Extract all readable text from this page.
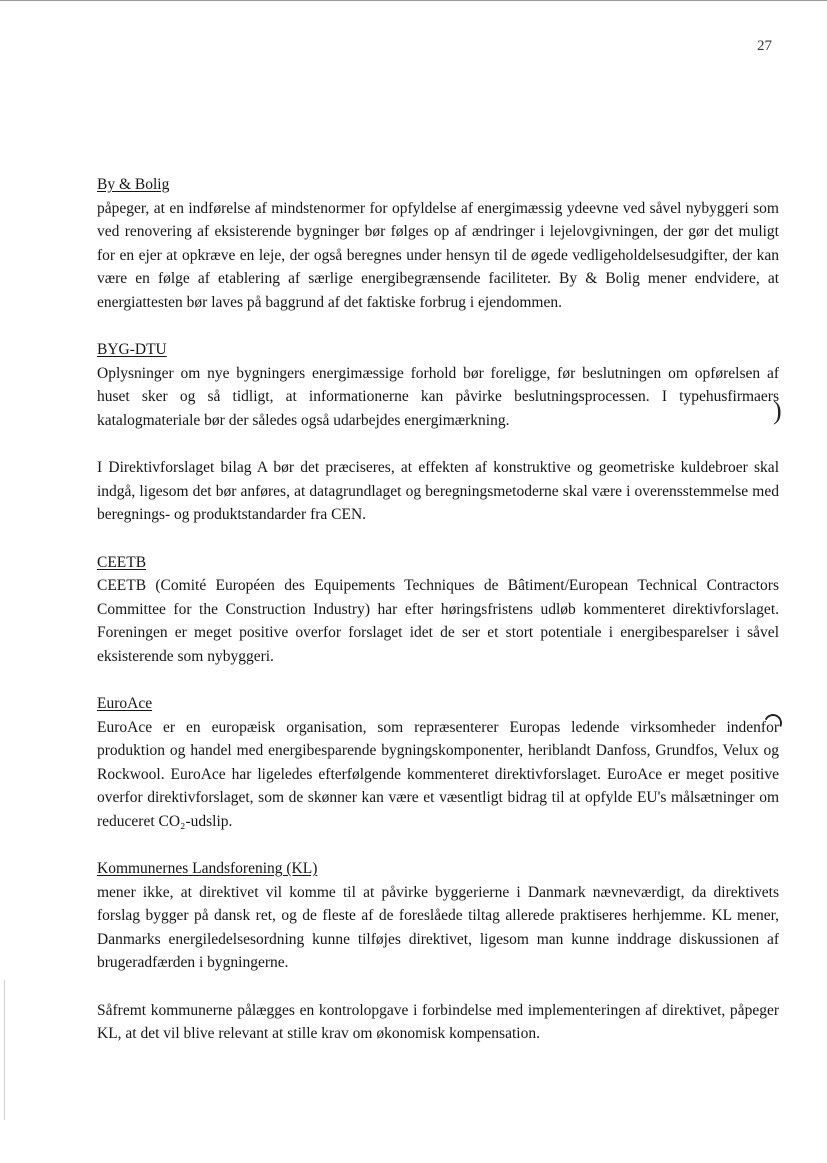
27
By & Bolig

påpeger, at en indførelse af mindstenormer for opfyldelse af energimæssig ydeevne ved såvel nybyggeri som ved renovering af eksisterende bygninger bør følges op af ændringer i lejelovgivningen, der gør det muligt for en ejer at opkræve en leje, der også beregnes under hensyn til de øgede vedligeholdelsesudgifter, der kan være en følge af etablering af særlige energibegrænsende faciliteter. By & Bolig mener endvidere, at energiattesten bør laves på baggrund af det faktiske forbrug i ejendommen.

BYG-DTU

Oplysninger om nye bygningers energimæssige forhold bør foreligge, før beslutningen om opførelsen af huset sker og så tidligt, at informationerne kan påvirke beslutningsprocessen. I typehusfirmaers katalogmateriale bør der således også udarbejdes energimærkning.

I Direktivforslaget bilag A bør det præciseres, at effekten af konstruktive og geometriske kuldebroer skal indgå, ligesom det bør anføres, at datagrundlaget og beregningsmetoderne skal være i overensstemmelse med beregnings- og produktstandarder fra CEN.

CEETB

CEETB (Comité Européen des Equipements Techniques de Bâtiment/European Technical Contractors Committee for the Construction Industry) har efter høringsfristens udløb kommenteret direktivforslaget. Foreningen er meget positive overfor forslaget idet de ser et stort potentiale i energibesparelser i såvel eksisterende som nybyggeri.

EuroAce

EuroAce er en europæisk organisation, som repræsenterer Europas ledende virksomheder indenfor produktion og handel med energibesparende bygningskomponenter, heriblandt Danfoss, Grundfos, Velux og Rockwool. EuroAce har ligeledes efterfølgende kommenteret direktivforslaget. EuroAce er meget positive overfor direktivforslaget, som de skønner kan være et væsentligt bidrag til at opfylde EU's målsætninger om reduceret CO₂-udslip.

Kommunernes Landsforening (KL)

mener ikke, at direktivet vil komme til at påvirke byggerierne i Danmark nævneværdigt, da direktivets forslag bygger på dansk ret, og de fleste af de foreslåede tiltag allerede praktiseres herhjemme. KL mener, Danmarks energiledelsesordning kunne tilføjes direktivet, ligesom man kunne inddrage diskussionen af brugeradfærden i bygningerne.

Såfremt kommunerne pålægges en kontrolopgave i forbindelse med implementeringen af direktivet, påpeger KL, at det vil blive relevant at stille krav om økonomisk kompensation.

)
